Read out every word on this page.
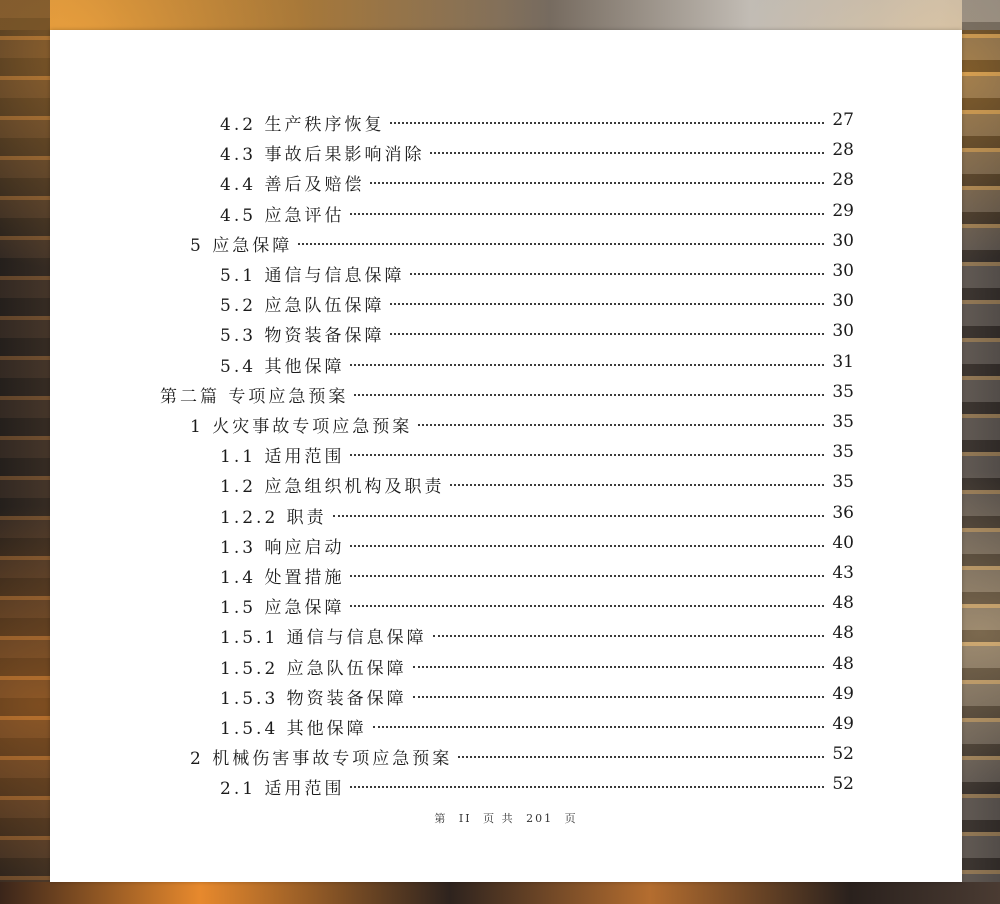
4.2 生产秩序恢复	27
4.3 事故后果影响消除	28
4.4 善后及赔偿	28
4.5 应急评估	29
5 应急保障	30
5.1 通信与信息保障	30
5.2 应急队伍保障	30
5.3 物资装备保障	30
5.4 其他保障	31
第二篇 专项应急预案	35
1 火灾事故专项应急预案	35
1.1 适用范围	35
1.2 应急组织机构及职责	35
1.2.2 职责	36
1.3 响应启动	40
1.4 处置措施	43
1.5 应急保障	48
1.5.1 通信与信息保障	48
1.5.2 应急队伍保障	48
1.5.3 物资装备保障	49
1.5.4 其他保障	49
2 机械伤害事故专项应急预案	52
2.1 适用范围	52
第 II 页 共 201 页
